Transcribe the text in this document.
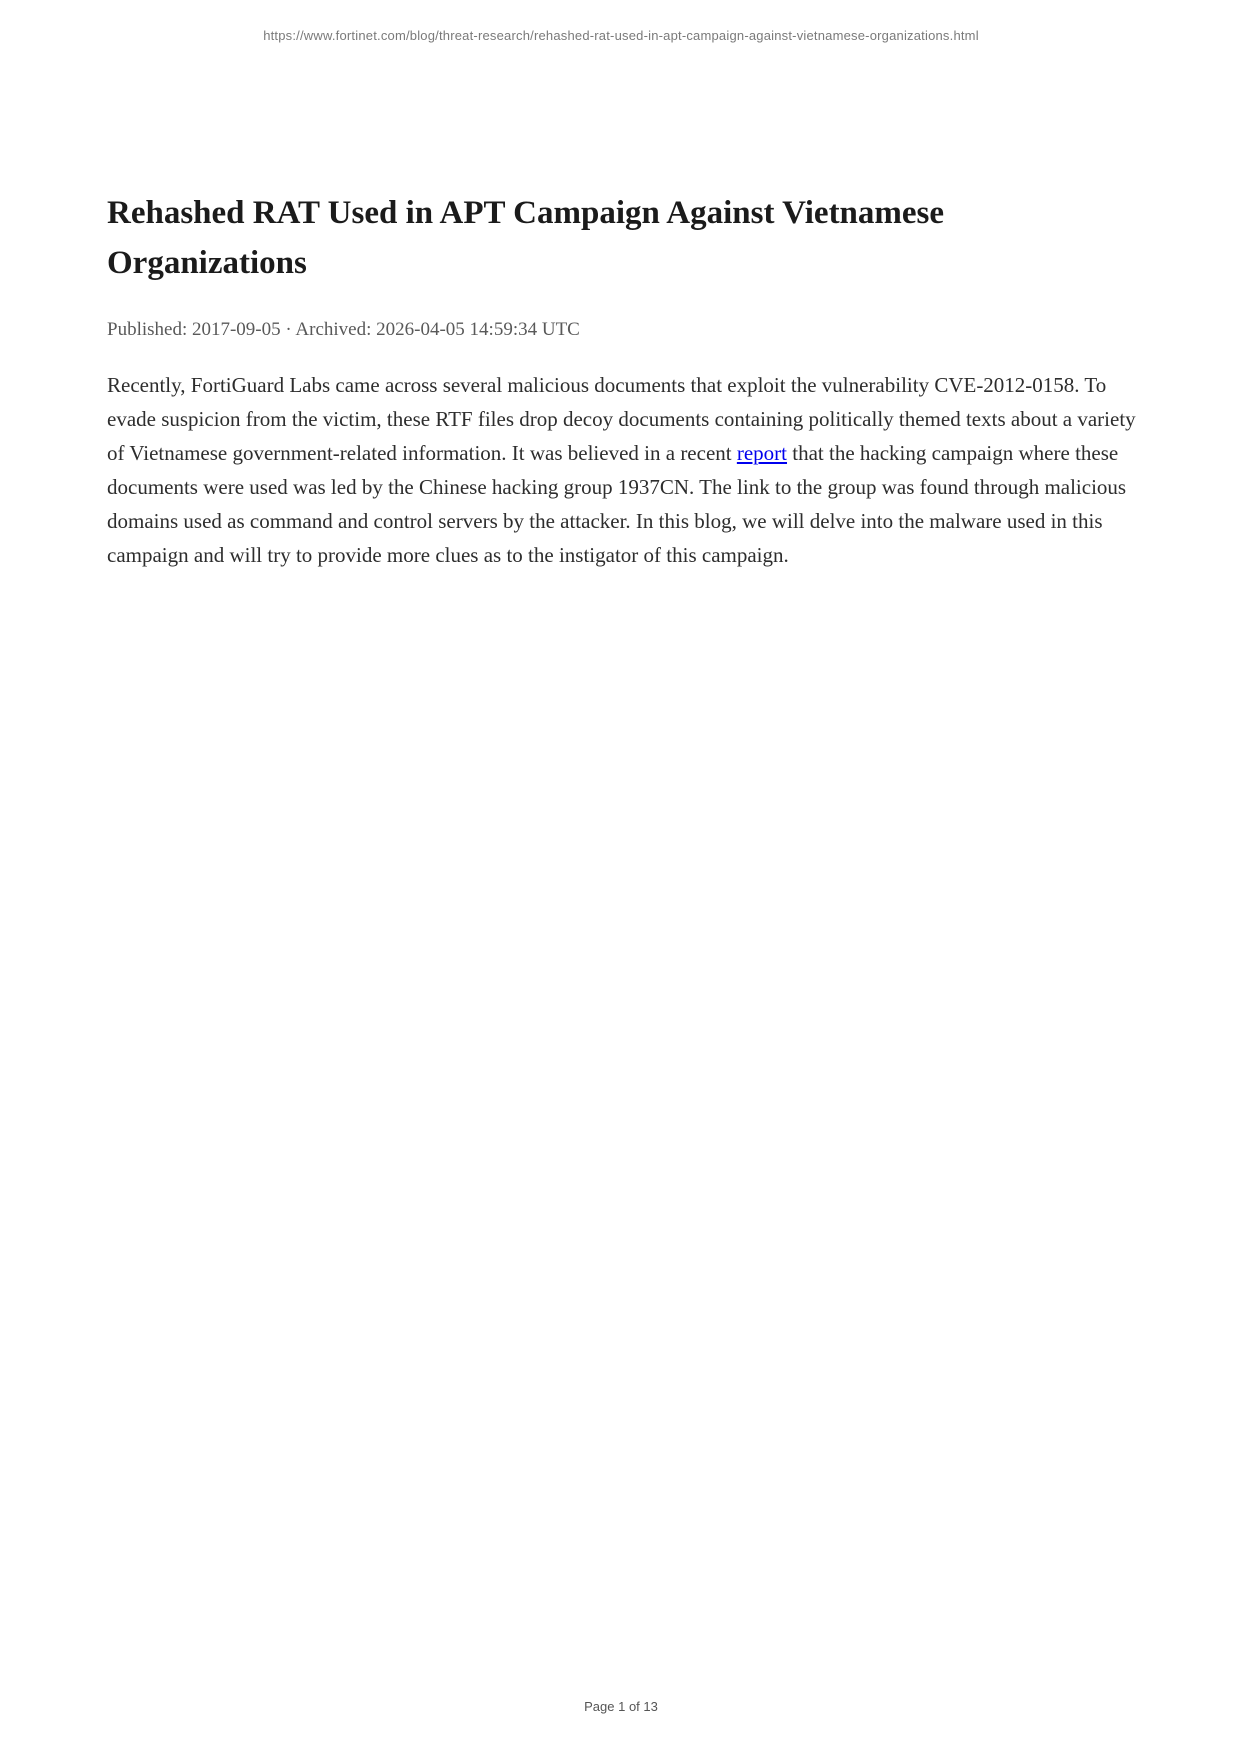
https://www.fortinet.com/blog/threat-research/rehashed-rat-used-in-apt-campaign-against-vietnamese-organizations.html
Rehashed RAT Used in APT Campaign Against Vietnamese Organizations
Published: 2017-09-05 · Archived: 2026-04-05 14:59:34 UTC

Recently, FortiGuard Labs came across several malicious documents that exploit the vulnerability CVE-2012-0158. To evade suspicion from the victim, these RTF files drop decoy documents containing politically themed texts about a variety of Vietnamese government-related information. It was believed in a recent report that the hacking campaign where these documents were used was led by the Chinese hacking group 1937CN. The link to the group was found through malicious domains used as command and control servers by the attacker. In this blog, we will delve into the malware used in this campaign and will try to provide more clues as to the instigator of this campaign.

Page 1 of 13
